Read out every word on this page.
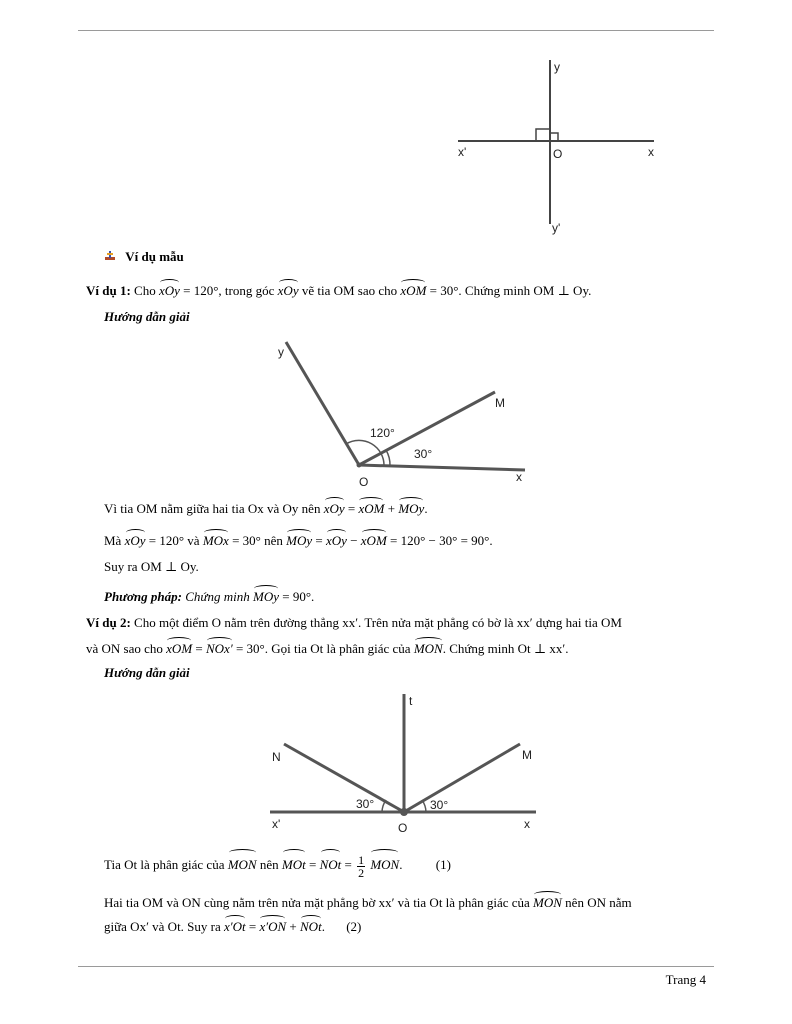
y
x'	O	x
y'
Ví dụ mẫu
Ví dụ 1: Cho xOy = 120°, trong góc xOy vẽ tia OM sao cho xOM = 30°. Chứng minh OM ⊥ Oy.
Hướng dẫn giải
y
M
120°
30°
O	x
Vì tia OM nằm giữa hai tia Ox và Oy nên xOy = xOM + MOy.
Mà xOy = 120° và MOx = 30° nên MOy = xOy − xOM = 120° − 30° = 90°.
Suy ra OM ⊥ Oy.
Phương pháp: Chứng minh MOy = 90°.
Ví dụ 2: Cho một điểm O nằm trên đường thẳng xx′. Trên nửa mặt phẳng có bờ là xx′ dựng hai tia OM
và ON sao cho xOM = NOx′ = 30°. Gọi tia Ot là phân giác của MON. Chứng minh Ot ⊥ xx′.
Hướng dẫn giải
t
N	M
30°	30°
x'	O	x
Tia Ot là phân giác của MON nên MOt = NOt = $\frac{1}{2}$ MON.	(1)
Hai tia OM và ON cùng nằm trên nửa mặt phẳng bờ xx′ và tia Ot là phân giác của MON nên ON nằm
giữa Ox′ và Ot. Suy ra x′Ot = x′ON + NOt. (2)
Trang 4
